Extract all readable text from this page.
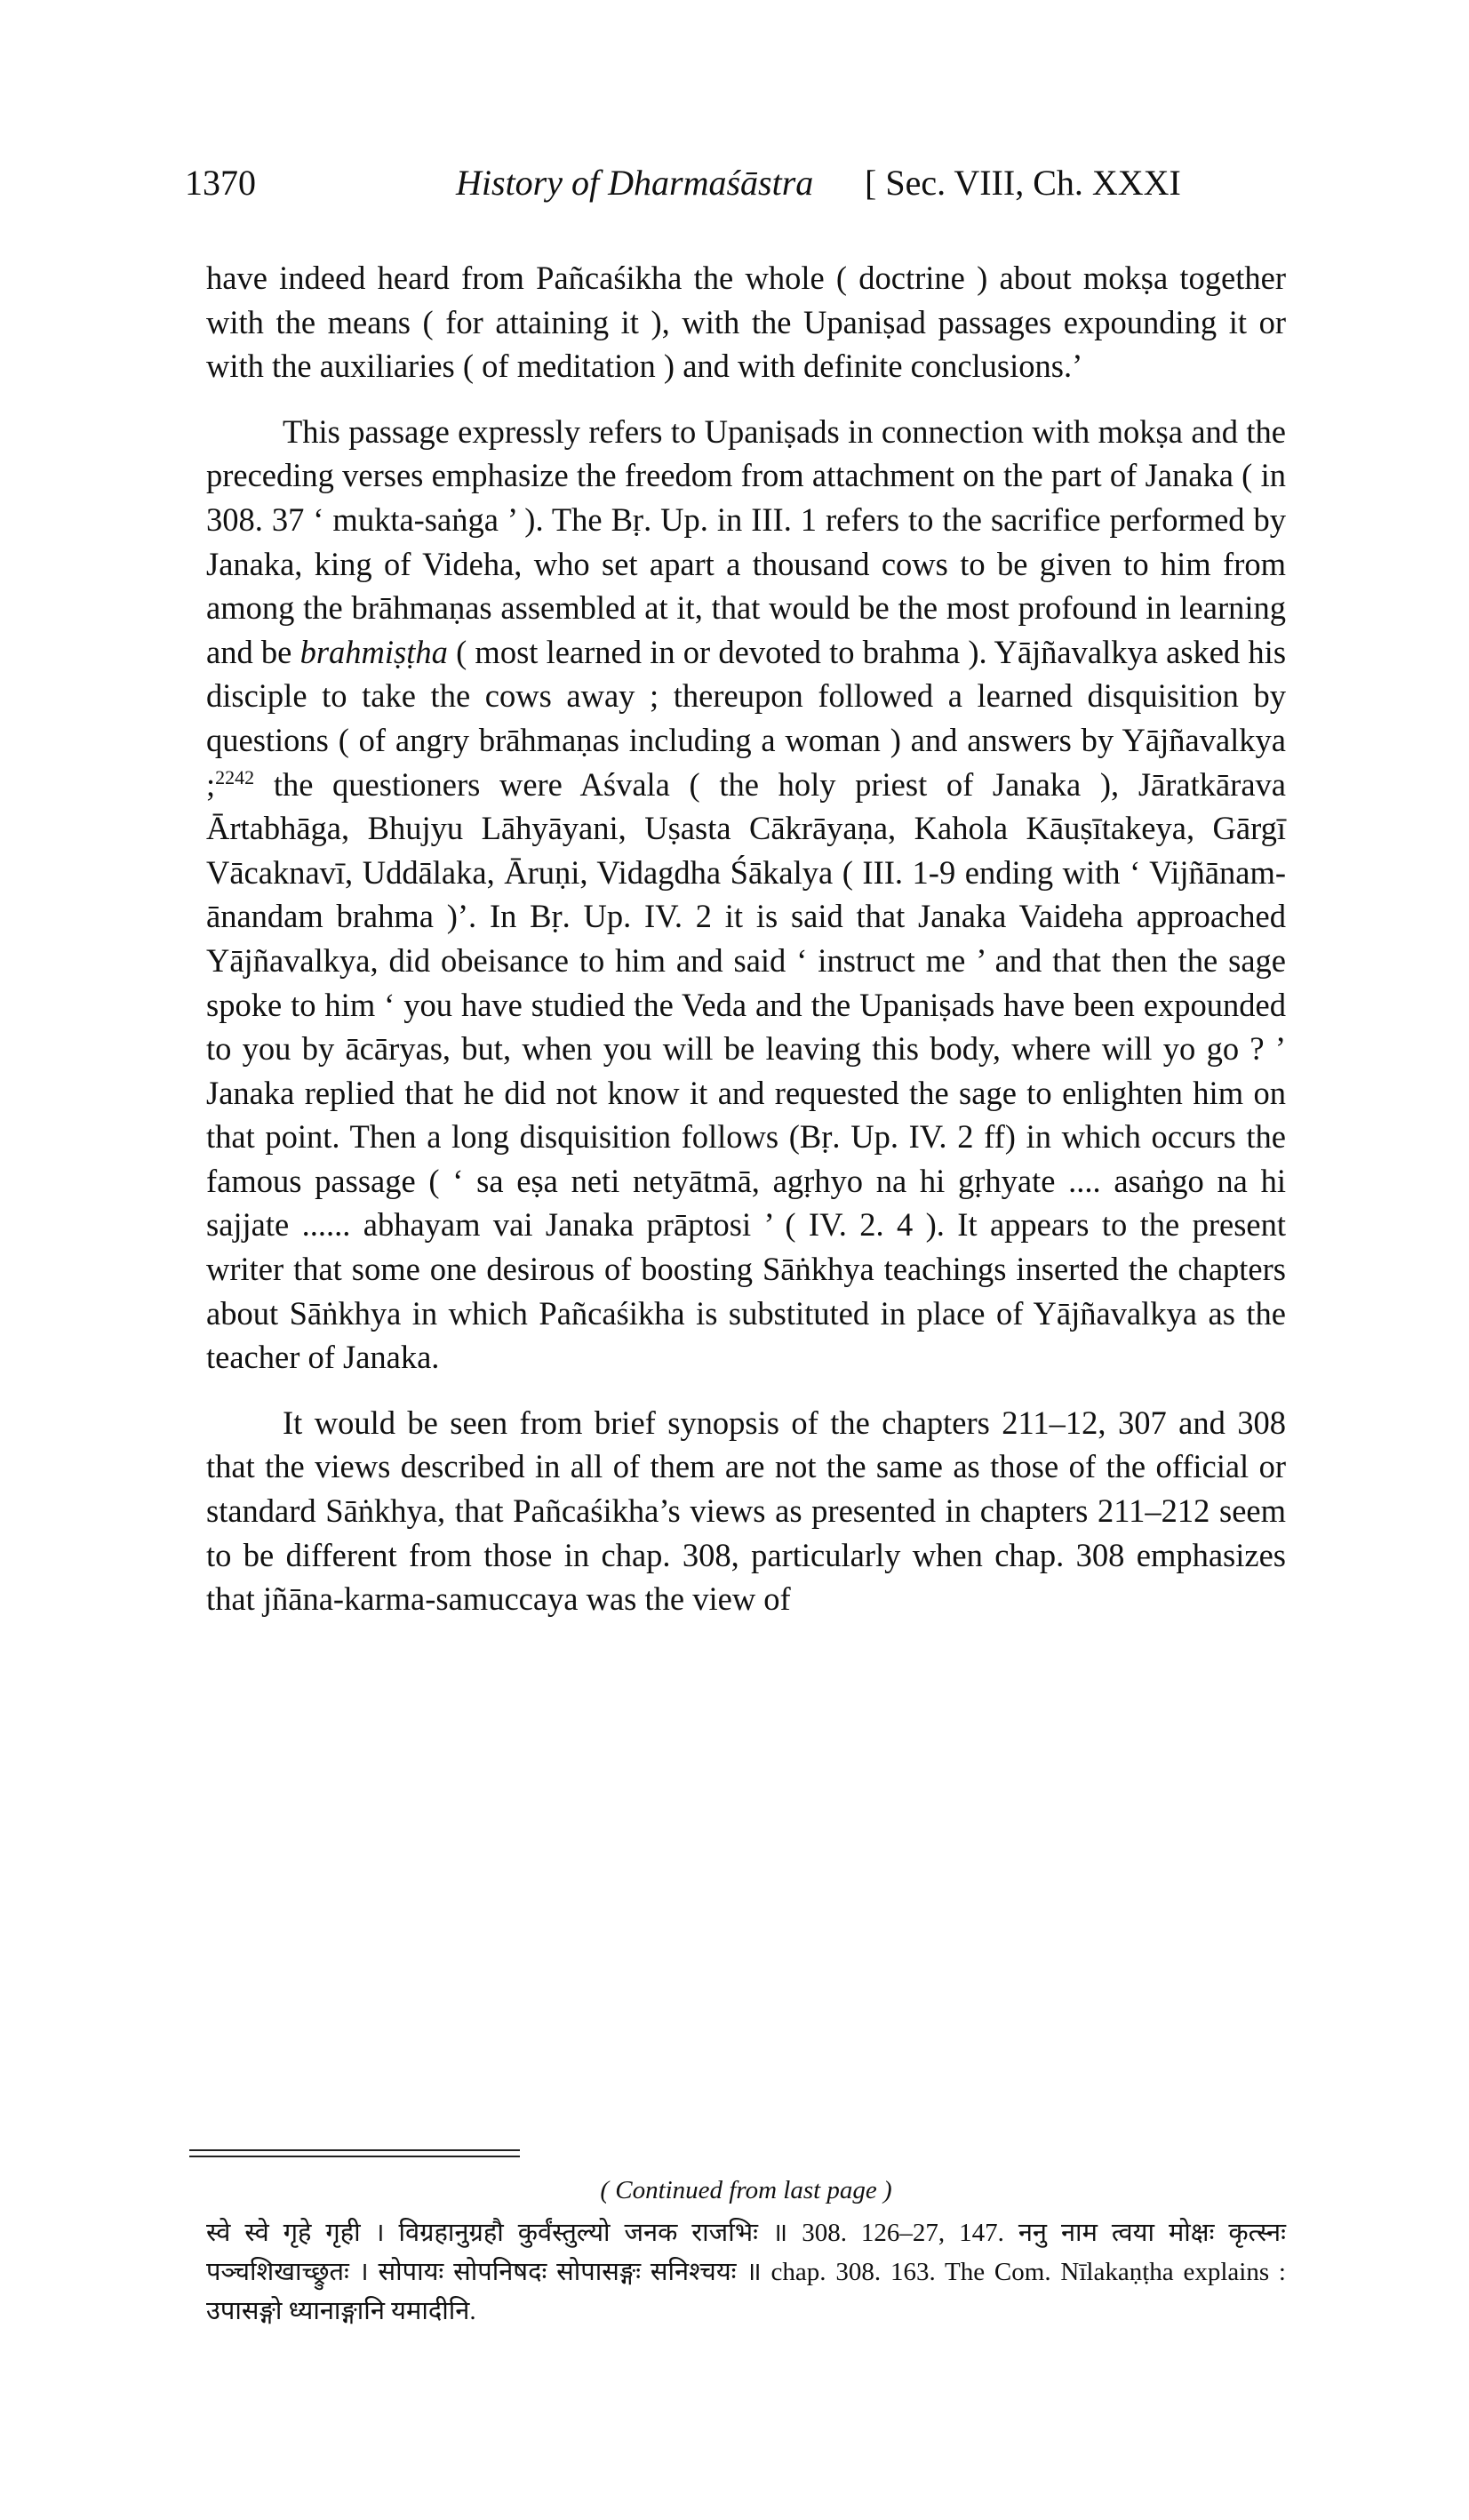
1370	History of Dharmaśāstra [ Sec. VIII, Ch. XXXI

have indeed heard from Pañcaśikha the whole ( doctrine ) about mokṣa together with the means ( for attaining it ), with the Upaniṣad passages expounding it or with the auxiliaries ( of meditation ) and with definite conclusions.’

This passage expressly refers to Upaniṣads in connection with mokṣa and the preceding verses emphasize the freedom from attachment on the part of Janaka ( in 308. 37 ‘ mukta-saṅga ’ ). The Bṛ. Up. in III. 1 refers to the sacrifice performed by Janaka, king of Videha, who set apart a thousand cows to be given to him from among the brāhmaṇas assembled at it, that would be the most profound in learning and be brahmiṣṭha ( most learned in or devoted to brahma ). Yājñavalkya asked his disciple to take the cows away ; thereupon followed a learned disquisition by questions ( of angry brāhmaṇas including a woman ) and answers by Yājñavalkya ;$^{2242}$ the questioners were Aśvala ( the holy priest of Janaka ), Jāratkārava Ārtabhāga, Bhujyu Lāhyāyani, Uṣasta Cākrāyaṇa, Kahola Kāuṣītakeya, Gārgī Vācaknavī, Uddālaka, Āruṇi, Vidagdha Śākalya ( III. 1-9 ending with ‘ Vijñānam-ānandam brahma )’. In Bṛ. Up. IV. 2 it is said that Janaka Vaideha approached Yājñavalkya, did obeisance to him and said ‘ instruct me ’ and that then the sage spoke to him ‘ you have studied the Veda and the Upaniṣads have been expounded to you by ācāryas, but, when you will be leaving this body, where will yo go ? ’ Janaka replied that he did not know it and requested the sage to enlighten him on that point. Then a long disquisition follows (Bṛ. Up. IV. 2 ff) in which occurs the famous passage ( ‘ sa eṣa neti netyātmā, agṛhyo na hi gṛhyate .... asaṅgo na hi sajjate ...... abhayam vai Janaka prāptosi ’ ( IV. 2. 4 ). It appears to the present writer that some one desirous of boosting Sāṅkhya teachings inserted the chapters about Sāṅkhya in which Pañcaśikha is substituted in place of Yājñavalkya as the teacher of Janaka.

It would be seen from brief synopsis of the chapters 211–12, 307 and 308 that the views described in all of them are not the same as those of the official or standard Sāṅkhya, that Pañcaśikha’s views as presented in chapters 211–212 seem to be different from those in chap. 308, particularly when chap. 308 emphasizes that jñāna-karma-samuccaya was the view of

( Continued from last page )

स्वे स्वे गृहे गृही । विग्रहानुग्रहौ कुर्वंस्तुल्यो जनक राजभिः ॥ 308. 126–27, 147. ननु नाम त्वया मोक्षः कृत्स्नः पञ्चशिखाच्छ्रुतः । सोपायः सोपनिषदः सोपासङ्गः सनिश्चयः ॥ chap. 308. 163. The Com. Nīlakaṇṭha explains : उपासङ्गो ध्यानाङ्गानि यमादीनि.
